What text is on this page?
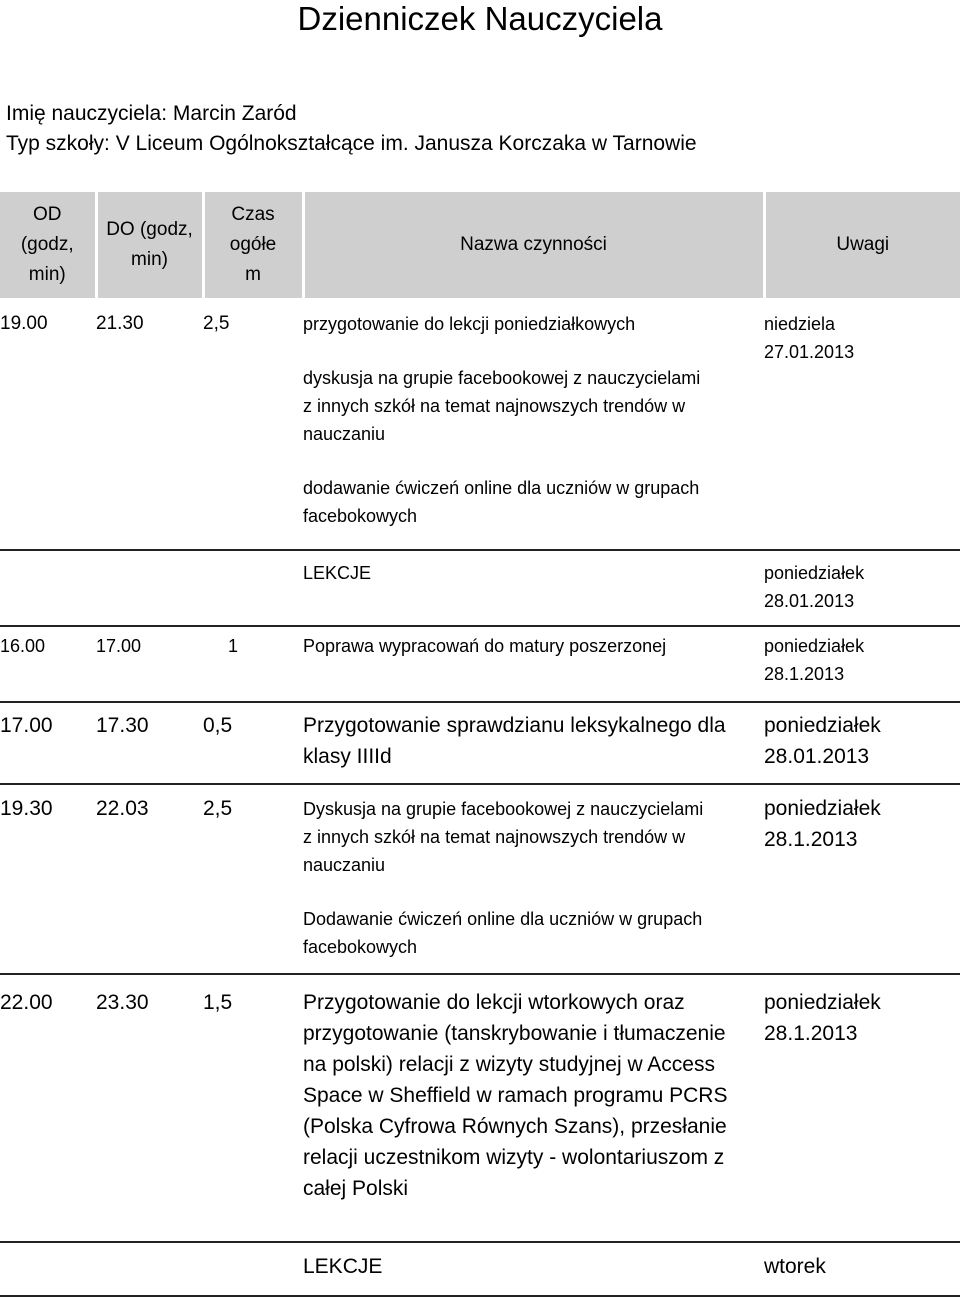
Dzienniczek Nauczyciela
Imię nauczyciela: Marcin Zaród
Typ szkoły: V Liceum Ogólnokształcące im. Janusza Korczaka w Tarnowie
OD
(godz,
min)	DO (godz,
min)	Czas
ogółe
m	Nazwa czynności	Uwagi
19.00	21.30	2,5	przygotowanie do lekcji poniedziałkowych
dyskusja na grupie facebookowej z nauczycielami z innych szkół na temat najnowszych trendów w nauczaniu
dodawanie ćwiczeń online dla uczniów w grupach facebokowych	niedziela 27.01.2013
			LEKCJE	poniedziałek 28.01.2013
16.00	17.00	1	Poprawa wypracowań do matury poszerzonej	poniedziałek 28.1.2013
17.00	17.30	0,5	Przygotowanie sprawdzianu leksykalnego dla klasy IIIId	poniedziałek 28.01.2013
19.30	22.03	2,5	Dyskusja na grupie facebookowej z nauczycielami z innych szkół na temat najnowszych trendów w nauczaniu
Dodawanie ćwiczeń online dla uczniów w grupach facebokowych	poniedziałek 28.1.2013
22.00	23.30	1,5	Przygotowanie do lekcji wtorkowych oraz przygotowanie (tanskrybowanie i tłumaczenie na polski) relacji z wizyty studyjnej w Access Space w Sheffield w ramach programu PCRS (Polska Cyfrowa Równych Szans), przesłanie relacji uczestnikom wizyty - wolontariuszom z całej Polski	poniedziałek 28.1.2013
			LEKCJE	wtorek
